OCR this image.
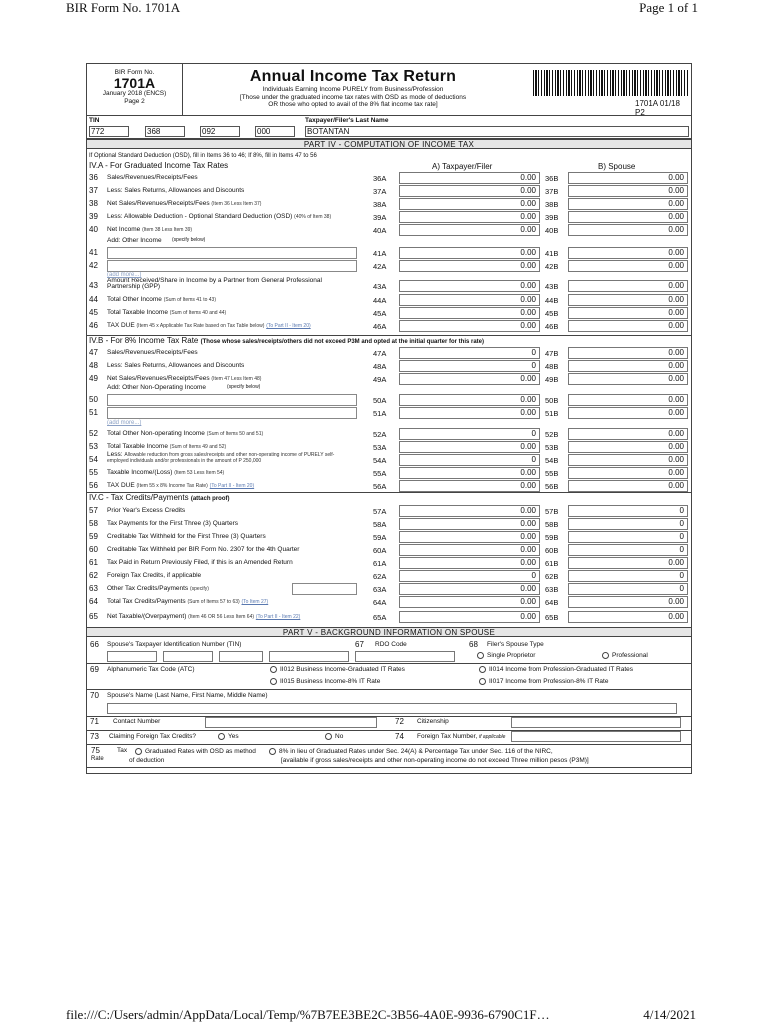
BIR Form No. 1701A	Page 1 of 1
file:///C:/Users/admin/AppData/Local/Temp/%7B7EE3BE2C-3B56-4A0E-9936-6790C1F…	4/14/2021
BIR Form No.
1701A
January 2018 (ENCS)
Page 2
Annual Income Tax Return
Individuals Earning Income PURELY from Business/Profession
[Those under the graduated income tax rates with OSD as mode of deductions
OR those who opted to avail of the 8% flat income tax rate]	1701A 01/18 P2
TIN	Taxpayer/Filer's Last Name
772	368	092	000	BOTANTAN
PART IV - COMPUTATION OF INCOME TAX
If Optional Standard Deduction (OSD), fill in Items 36 to 46; If 8%, fill in Items 47 to 56
IV.A - For Graduated Income Tax Rates	A) Taxpayer/Filer	B) Spouse
IV.B - For 8% Income Tax Rate (Those whose sales/receipts/others did not exceed P3M and opted at the initial quarter for this rate)
IV.C - Tax Credits/Payments (attach proof)
PART V - BACKGROUND INFORMATION ON SPOUSE
66 Spouse's Taxpayer Identification Number (TIN)	67 RDO Code	68 Filer's Spouse Type
Single Proprietor	Professional
69 Alphanumeric Tax Code (ATC)	II012 Business Income-Graduated IT Rates	II014 Income from Profession-Graduated IT Rates
II015 Business Income-8% IT Rate	II017 Income from Profession-8% IT Rate
70 Spouse's Name (Last Name, First Name, Middle Name)
71 Contact Number	72 Citizenship
73 Claiming Foreign Tax Credits?	Yes	No	74 Foreign Tax Number, if applicable
75
Rate
Tax	Graduated Rates with OSD as method
of deduction
8% in lieu of Graduated Rates under Sec. 24(A) & Percentage Tax under Sec. 116 of the NIRC,
[available if gross sales/receipts and other non-operating income do not exceed Three million pesos (P3M)]
36 Sales/Revenues/Receipts/Fees	36A	0.00	36B	0.00
37 Less: Sales Returns, Allowances and Discounts	37A	0.00	37B	0.00
38 Net Sales/Revenues/Receipts/Fees (Item 36 Less Item 37)	38A	0.00	38B	0.00
39 Less: Allowable Deduction - Optional Standard Deduction (OSD) (40% of Item 38)	39A	0.00	39B	0.00
40 Net Income (Item 38 Less Item 39)	40A	0.00	40B	0.00
41	41A	0.00	41B	0.00
42	42A	0.00	42B	0.00
43
Amount Received/Share in Income by a Partner from General Professional
Partnership (GPP)	43A	0.00	43B	0.00
44 Total Other Income (Sum of Items 41 to 43)	44A	0.00	44B	0.00
45 Total Taxable Income (Sum of Items 40 and 44)	45A	0.00	45B	0.00
46 TAX DUE (Item 45 x Applicable Tax Rate based on Tax Table below) (To Part II - Item 20)	46A	0.00	46B	0.00
47 Sales/Revenues/Receipts/Fees	47A	0	47B	0.00
48 Less: Sales Returns, Allowances and Discounts	48A	0	48B	0.00
49 Net Sales/Revenues/Receipts/Fees (Item 47 Less Item 48)	49A	0.00	49B	0.00
50	50A	0.00	50B	0.00
51	51A	0.00	51B	0.00
52 Total Other Non-operating Income (Sum of Items 50 and 51)	52A	0	52B	0.00
53 Total Taxable Income (Sum of Items 49 and 52)	53A	0.00	53B	0.00
54
Less: Allowable reduction from gross sales/receipts and other non-operating income of PURELY self-
employed individuals and/or professionals in the amount of P 250,000	54A	0	54B	0.00
55 Taxable Income/(Loss) (Item 53 Less Item 54)	55A	0.00	55B	0.00
56 TAX DUE (Item 55 x 8% Income Tax Rate) (To Part II - Item 20)	56A	0.00	56B	0.00
57 Prior Year's Excess Credits	57A	0.00	57B	0
58 Tax Payments for the First Three (3) Quarters	58A	0.00	58B	0
59 Creditable Tax Withheld for the First Three (3) Quarters	59A	0.00	59B	0
60 Creditable Tax Withheld per BIR Form No. 2307 for the 4th Quarter	60A	0.00	60B	0
61 Tax Paid in Return Previously Filed, if this is an Amended Return	61A	0.00	61B	0.00
62 Foreign Tax Credits, if applicable	62A	0	62B	0
63 Other Tax Credits/Payments (specify)	63A	0.00	63B	0
64 Total Tax Credits/Payments (Sum of Items 57 to 63) (To Item 27)	64A	0.00	64B	0.00
65 Net Taxable/(Overpayment) (Item 46 OR 56 Less Item 64) (To Part II - Item 22)	65A	0.00	65B	0.00
Add: Other Income (specify below)
(add more...)
Add: Other Non-Operating Income	(specify below)
(add more...)
